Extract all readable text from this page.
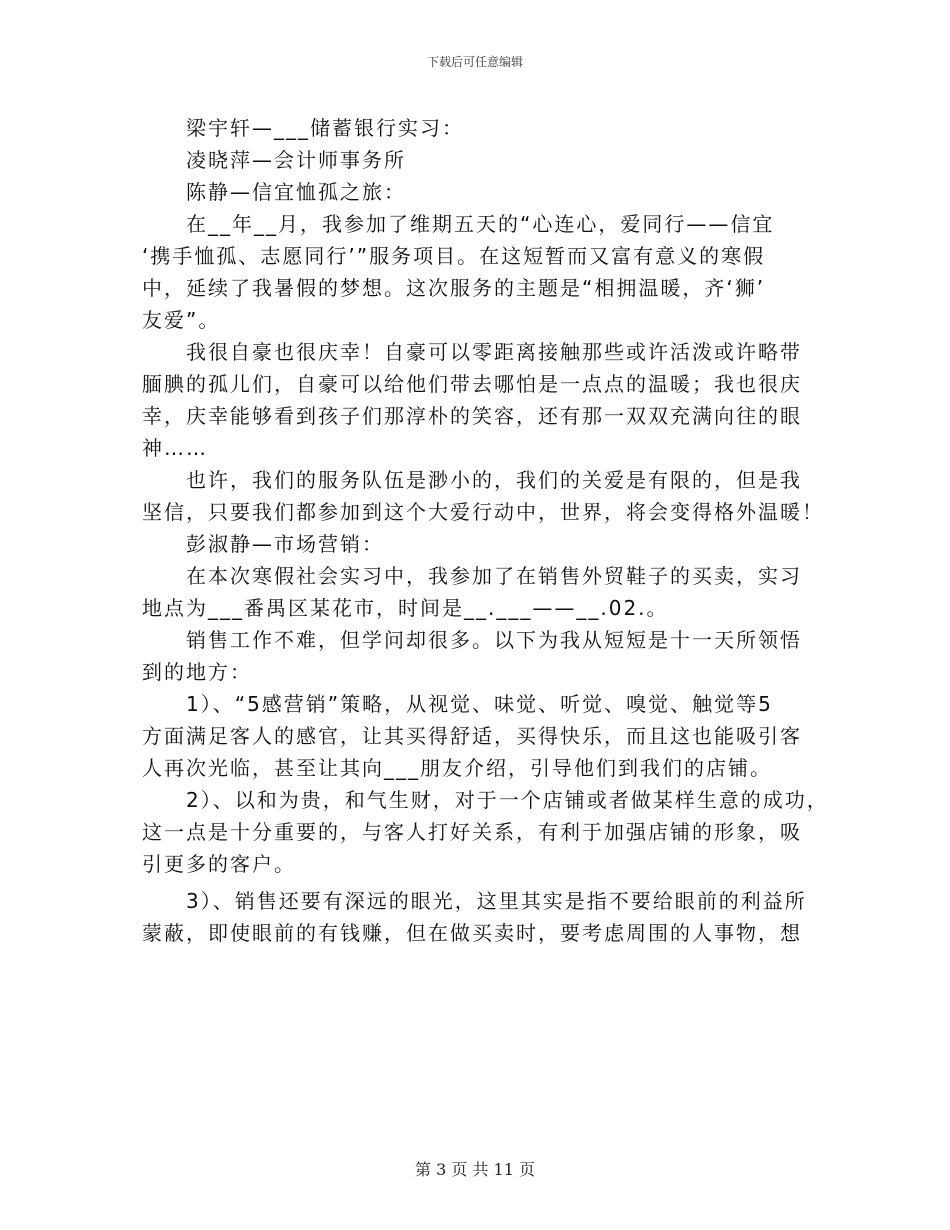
下载后可任意编辑

梁宇轩—___储蓄银行实习：

凌晓萍—会计师事务所

陈静—信宜恤孤之旅：

在__年__月，我参加了维期五天的“心连心，爱同行——信宜
‘携手恤孤、志愿同行’”服务项目。在这短暂而又富有意义的寒假
中，延续了我暑假的梦想。这次服务的主题是“相拥温暖，齐‘狮’
友爱”。

我很自豪也很庆幸！自豪可以零距离接触那些或许活泼或许略带
腼腆的孤儿们，自豪可以给他们带去哪怕是一点点的温暖；我也很庆
幸，庆幸能够看到孩子们那淳朴的笑容，还有那一双双充满向往的眼
神……

也许，我们的服务队伍是渺小的，我们的关爱是有限的，但是我
坚信，只要我们都参加到这个大爱行动中，世界，将会变得格外温暖！

彭淑静—市场营销：

在本次寒假社会实习中，我参加了在销售外贸鞋子的买卖，实习
地点为___番禺区某花市，时间是__.___——__.02.。

销售工作不难，但学问却很多。以下为我从短短是十一天所领悟
到的地方：

1）、“5感营销”策略，从视觉、味觉、听觉、嗅觉、触觉等5
方面满足客人的感官，让其买得舒适，买得快乐，而且这也能吸引客
人再次光临，甚至让其向___朋友介绍，引导他们到我们的店铺。

2）、以和为贵，和气生财，对于一个店铺或者做某样生意的成功，
这一点是十分重要的，与客人打好关系，有利于加强店铺的形象，吸
引更多的客户。

3）、销售还要有深远的眼光，这里其实是指不要给眼前的利益所
蒙蔽，即使眼前的有钱赚，但在做买卖时，要考虑周围的人事物，想

第 3 页 共 11 页
